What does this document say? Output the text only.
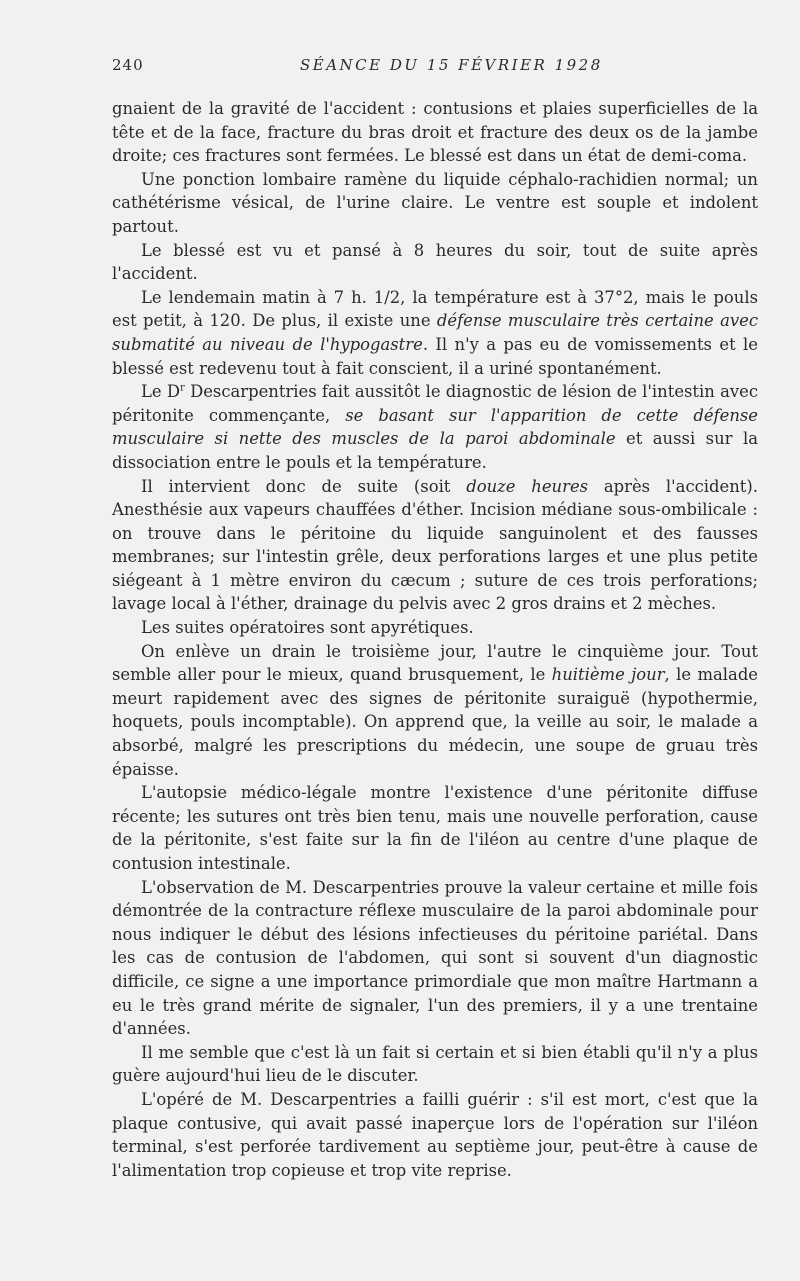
240	SÉANCE DU 15 FÉVRIER 1928

gnaient de la gravité de l'accident : contusions et plaies superficielles de la tête et de la face, fracture du bras droit et fracture des deux os de la jambe droite; ces fractures sont fermées. Le blessé est dans un état de demi-coma.

Une ponction lombaire ramène du liquide céphalo-rachidien normal; un cathétérisme vésical, de l'urine claire. Le ventre est souple et indolent partout.

Le blessé est vu et pansé à 8 heures du soir, tout de suite après l'accident.

Le lendemain matin à 7 h. 1/2, la température est à 37°2, mais le pouls est petit, à 120. De plus, il existe une défense musculaire très certaine avec submatité au niveau de l'hypogastre. Il n'y a pas eu de vomissements et le blessé est redevenu tout à fait conscient, il a uriné spontanément.

Le $D^r$ Descarpentries fait aussitôt le diagnostic de lésion de l'intestin avec péritonite commençante, se basant sur l'apparition de cette défense musculaire si nette des muscles de la paroi abdominale et aussi sur la dissociation entre le pouls et la température.

Il intervient donc de suite (soit douze heures après l'accident). Anesthésie aux vapeurs chauffées d'éther. Incision médiane sous-ombilicale : on trouve dans le péritoine du liquide sanguinolent et des fausses membranes; sur l'intestin grêle, deux perforations larges et une plus petite siégeant à 1 mètre environ du cæcum ; suture de ces trois perforations; lavage local à l'éther, drainage du pelvis avec 2 gros drains et 2 mèches.

Les suites opératoires sont apyrétiques.

On enlève un drain le troisième jour, l'autre le cinquième jour. Tout semble aller pour le mieux, quand brusquement, le huitième jour, le malade meurt rapidement avec des signes de péritonite suraiguë (hypothermie, hoquets, pouls incomptable). On apprend que, la veille au soir, le malade a absorbé, malgré les prescriptions du médecin, une soupe de gruau très épaisse.

L'autopsie médico-légale montre l'existence d'une péritonite diffuse récente; les sutures ont très bien tenu, mais une nouvelle perforation, cause de la péritonite, s'est faite sur la fin de l'iléon au centre d'une plaque de contusion intestinale.

L'observation de M. Descarpentries prouve la valeur certaine et mille fois démontrée de la contracture réflexe musculaire de la paroi abdominale pour nous indiquer le début des lésions infectieuses du péritoine pariétal. Dans les cas de contusion de l'abdomen, qui sont si souvent d'un diagnostic difficile, ce signe a une importance primordiale que mon maître Hartmann a eu le très grand mérite de signaler, l'un des premiers, il y a une trentaine d'années.

Il me semble que c'est là un fait si certain et si bien établi qu'il n'y a plus guère aujourd'hui lieu de le discuter.

L'opéré de M. Descarpentries a failli guérir : s'il est mort, c'est que la plaque contusive, qui avait passé inaperçue lors de l'opération sur l'iléon terminal, s'est perforée tardivement au septième jour, peut-être à cause de l'alimentation trop copieuse et trop vite reprise.
